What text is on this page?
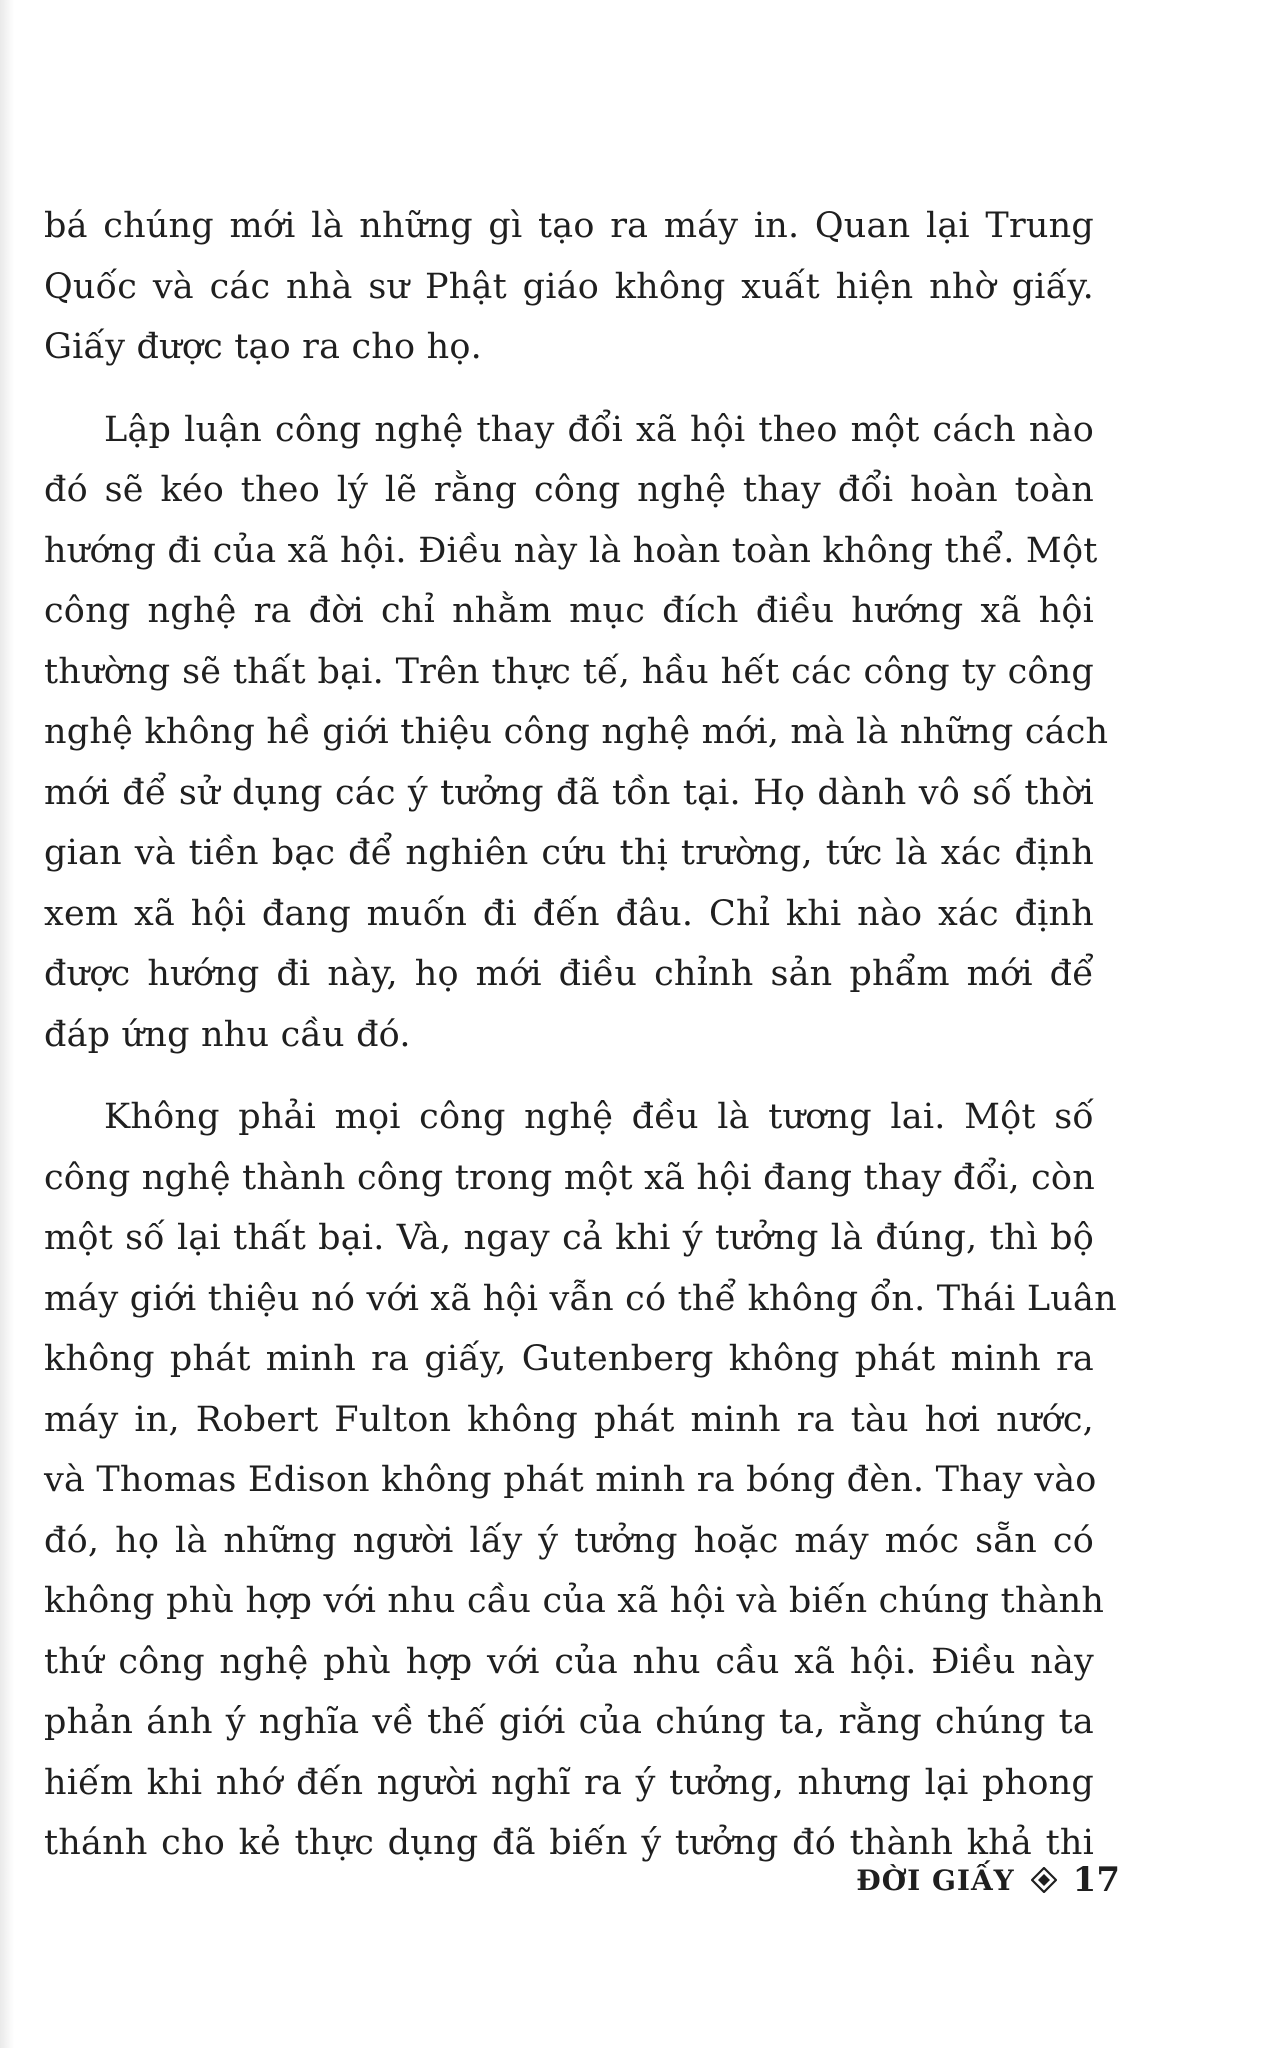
bá chúng mới là những gì tạo ra máy in. Quan lại Trung
Quốc và các nhà sư Phật giáo không xuất hiện nhờ giấy.
Giấy được tạo ra cho họ.

Lập luận công nghệ thay đổi xã hội theo một cách nào
đó sẽ kéo theo lý lẽ rằng công nghệ thay đổi hoàn toàn
hướng đi của xã hội. Điều này là hoàn toàn không thể. Một
công nghệ ra đời chỉ nhằm mục đích điều hướng xã hội
thường sẽ thất bại. Trên thực tế, hầu hết các công ty công
nghệ không hề giới thiệu công nghệ mới, mà là những cách
mới để sử dụng các ý tưởng đã tồn tại. Họ dành vô số thời
gian và tiền bạc để nghiên cứu thị trường, tức là xác định
xem xã hội đang muốn đi đến đâu. Chỉ khi nào xác định
được hướng đi này, họ mới điều chỉnh sản phẩm mới để
đáp ứng nhu cầu đó.

Không phải mọi công nghệ đều là tương lai. Một số
công nghệ thành công trong một xã hội đang thay đổi, còn
một số lại thất bại. Và, ngay cả khi ý tưởng là đúng, thì bộ
máy giới thiệu nó với xã hội vẫn có thể không ổn. Thái Luân
không phát minh ra giấy, Gutenberg không phát minh ra
máy in, Robert Fulton không phát minh ra tàu hơi nước,
và Thomas Edison không phát minh ra bóng đèn. Thay vào
đó, họ là những người lấy ý tưởng hoặc máy móc sẵn có
không phù hợp với nhu cầu của xã hội và biến chúng thành
thứ công nghệ phù hợp với của nhu cầu xã hội. Điều này
phản ánh ý nghĩa về thế giới của chúng ta, rằng chúng ta
hiếm khi nhớ đến người nghĩ ra ý tưởng, nhưng lại phong
thánh cho kẻ thực dụng đã biến ý tưởng đó thành khả thi

ĐỜI GIẤY 17
